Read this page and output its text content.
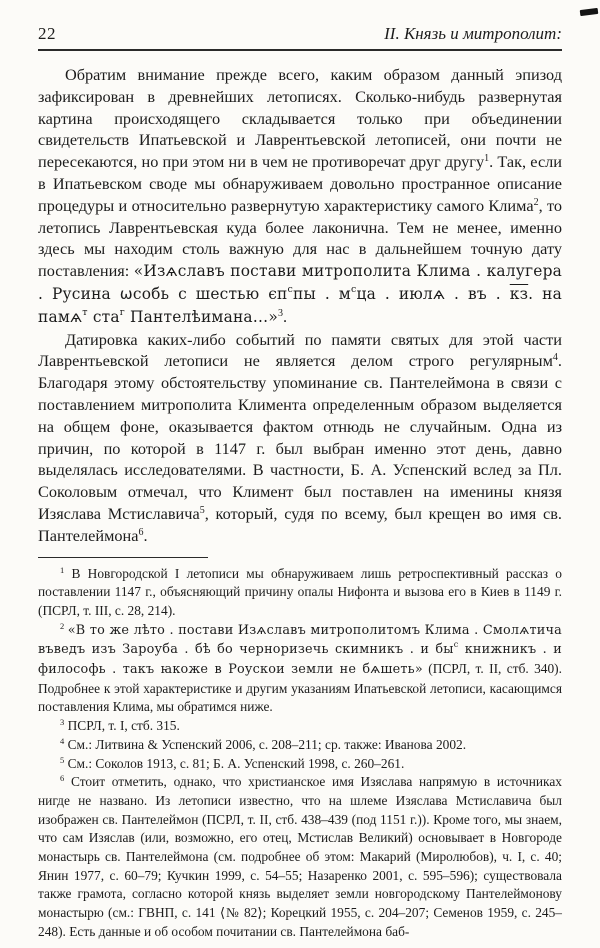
22	II. Князь и митрополит:

Обратим внимание прежде всего, каким образом данный эпизод зафиксирован в древнейших летописях. Сколько-нибудь развернутая картина происходящего складывается только при объединении свидетельств Ипатьевской и Лаврентьевской летописей, они почти не пересекаются, но при этом ни в чем не противоречат друг другу$^1$. Так, если в Ипатьевском своде мы обнаруживаем довольно пространное описание процедуры и относительно развернутую характеристику самого Клима$^2$, то летопись Лаврентьевская куда более лаконична. Тем не менее, именно здесь мы находим столь важную для нас в дальнейшем точную дату поставления: «Изѧславъ постави митрополита Клима . калугера . Русина ѡсобь с шестью $єп^спы$ . $м^сца$ . июлѧ . въ . кз. на памѧ$^т$ ста$^г$ Пантелѣимана…»$^3$.

Датировка каких-либо событий по памяти святых для этой части Лаврентьевской летописи не является делом строго регулярным$^4$. Благодаря этому обстоятельству упоминание св. Пантелеймона в связи с поставлением митрополита Климента определенным образом выделяется на общем фоне, оказывается фактом отнюдь не случайным. Одна из причин, по которой в 1147 г. был выбран именно этот день, давно выделялась исследователями. В частности, Б. А. Успенский вслед за Пл. Соколовым отмечал, что Климент был поставлен на именины князя Изяслава Мстиславича$^5$, который, судя по всему, был крещен во имя св. Пантелеймона$^6$.

$^1$ В Новгородской I летописи мы обнаруживаем лишь ретроспективный рассказ о поставлении 1147 г., объясняющий причину опалы Нифонта и вызова его в Киев в 1149 г. (ПСРЛ, т. III, с. 28, 214).

$^2$ «В то же лѣто . постави Изѧславъ митрополитомъ Клима . Смолѧтича въведъ изъ Зароуба . бѣ бо черноризечь скимникъ . и $бы^с$ книжникъ . и философь . такъ ꙗкоже в Роускои земли не бѧшеть» (ПСРЛ, т. II, стб. 340). Подробнее к этой характеристике и другим указаниям Ипатьевской летописи, касающимся поставления Клима, мы обратимся ниже.

$^3$ ПСРЛ, т. I, стб. 315.

$^4$ См.: Литвина & Успенский 2006, с. 208–211; ср. также: Иванова 2002.

$^5$ См.: Соколов 1913, с. 81; Б. А. Успенский 1998, с. 260–261.

$^6$ Стоит отметить, однако, что христианское имя Изяслава напрямую в источниках нигде не названо. Из летописи известно, что на шлеме Изяслава Мстиславича был изображен св. Пантелеймон (ПСРЛ, т. II, стб. 438–439 (под 1151 г.)). Кроме того, мы знаем, что сам Изяслав (или, возможно, его отец, Мстислав Великий) основывает в Новгороде монастырь св. Пантелеймона (см. подробнее об этом: Макарий (Миролюбов), ч. I, с. 40; Янин 1977, с. 60–79; Кучкин 1999, с. 54–55; Назаренко 2001, с. 595–596); существовала также грамота, согласно которой князь выделяет земли новгородскому Пантелеймонову монастырю (см.: ГВНП, с. 141 ⟨№ 82⟩; Корецкий 1955, с. 204–207; Семенов 1959, с. 245–248). Есть данные и об особом почитании св. Пантелеймона баб-
